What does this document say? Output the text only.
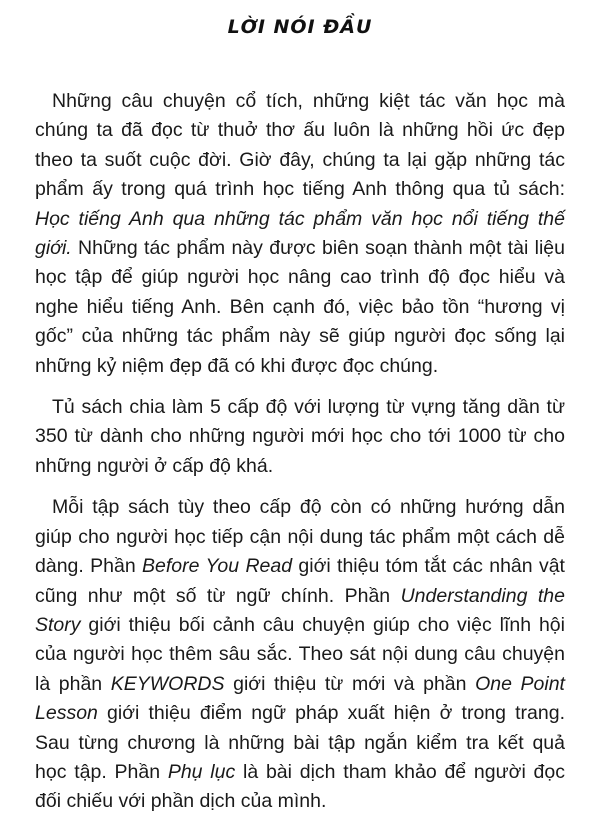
LỜI NÓI ĐẦU

Những câu chuyện cổ tích, những kiệt tác văn học mà chúng ta đã đọc từ thuở thơ ấu luôn là những hồi ức đẹp theo ta suốt cuộc đời. Giờ đây, chúng ta lại gặp những tác phẩm ấy trong quá trình học tiếng Anh thông qua tủ sách: Học tiếng Anh qua những tác phẩm văn học nổi tiếng thế giới. Những tác phẩm này được biên soạn thành một tài liệu học tập để giúp người học nâng cao trình độ đọc hiểu và nghe hiểu tiếng Anh. Bên cạnh đó, việc bảo tồn “hương vị gốc” của những tác phẩm này sẽ giúp người đọc sống lại những kỷ niệm đẹp đã có khi được đọc chúng.

Tủ sách chia làm 5 cấp độ với lượng từ vựng tăng dần từ 350 từ dành cho những người mới học cho tới 1000 từ cho những người ở cấp độ khá.

Mỗi tập sách tùy theo cấp độ còn có những hướng dẫn giúp cho người học tiếp cận nội dung tác phẩm một cách dễ dàng. Phần Before You Read giới thiệu tóm tắt các nhân vật cũng như một số từ ngữ chính. Phần Understanding the Story giới thiệu bối cảnh câu chuyện giúp cho việc lĩnh hội của người học thêm sâu sắc. Theo sát nội dung câu chuyện là phần KEYWORDS giới thiệu từ mới và phần One Point Lesson giới thiệu điểm ngữ pháp xuất hiện ở trong trang. Sau từng chương là những bài tập ngắn kiểm tra kết quả học tập. Phần Phụ lục là bài dịch tham khảo để người đọc đối chiếu với phần dịch của mình.
